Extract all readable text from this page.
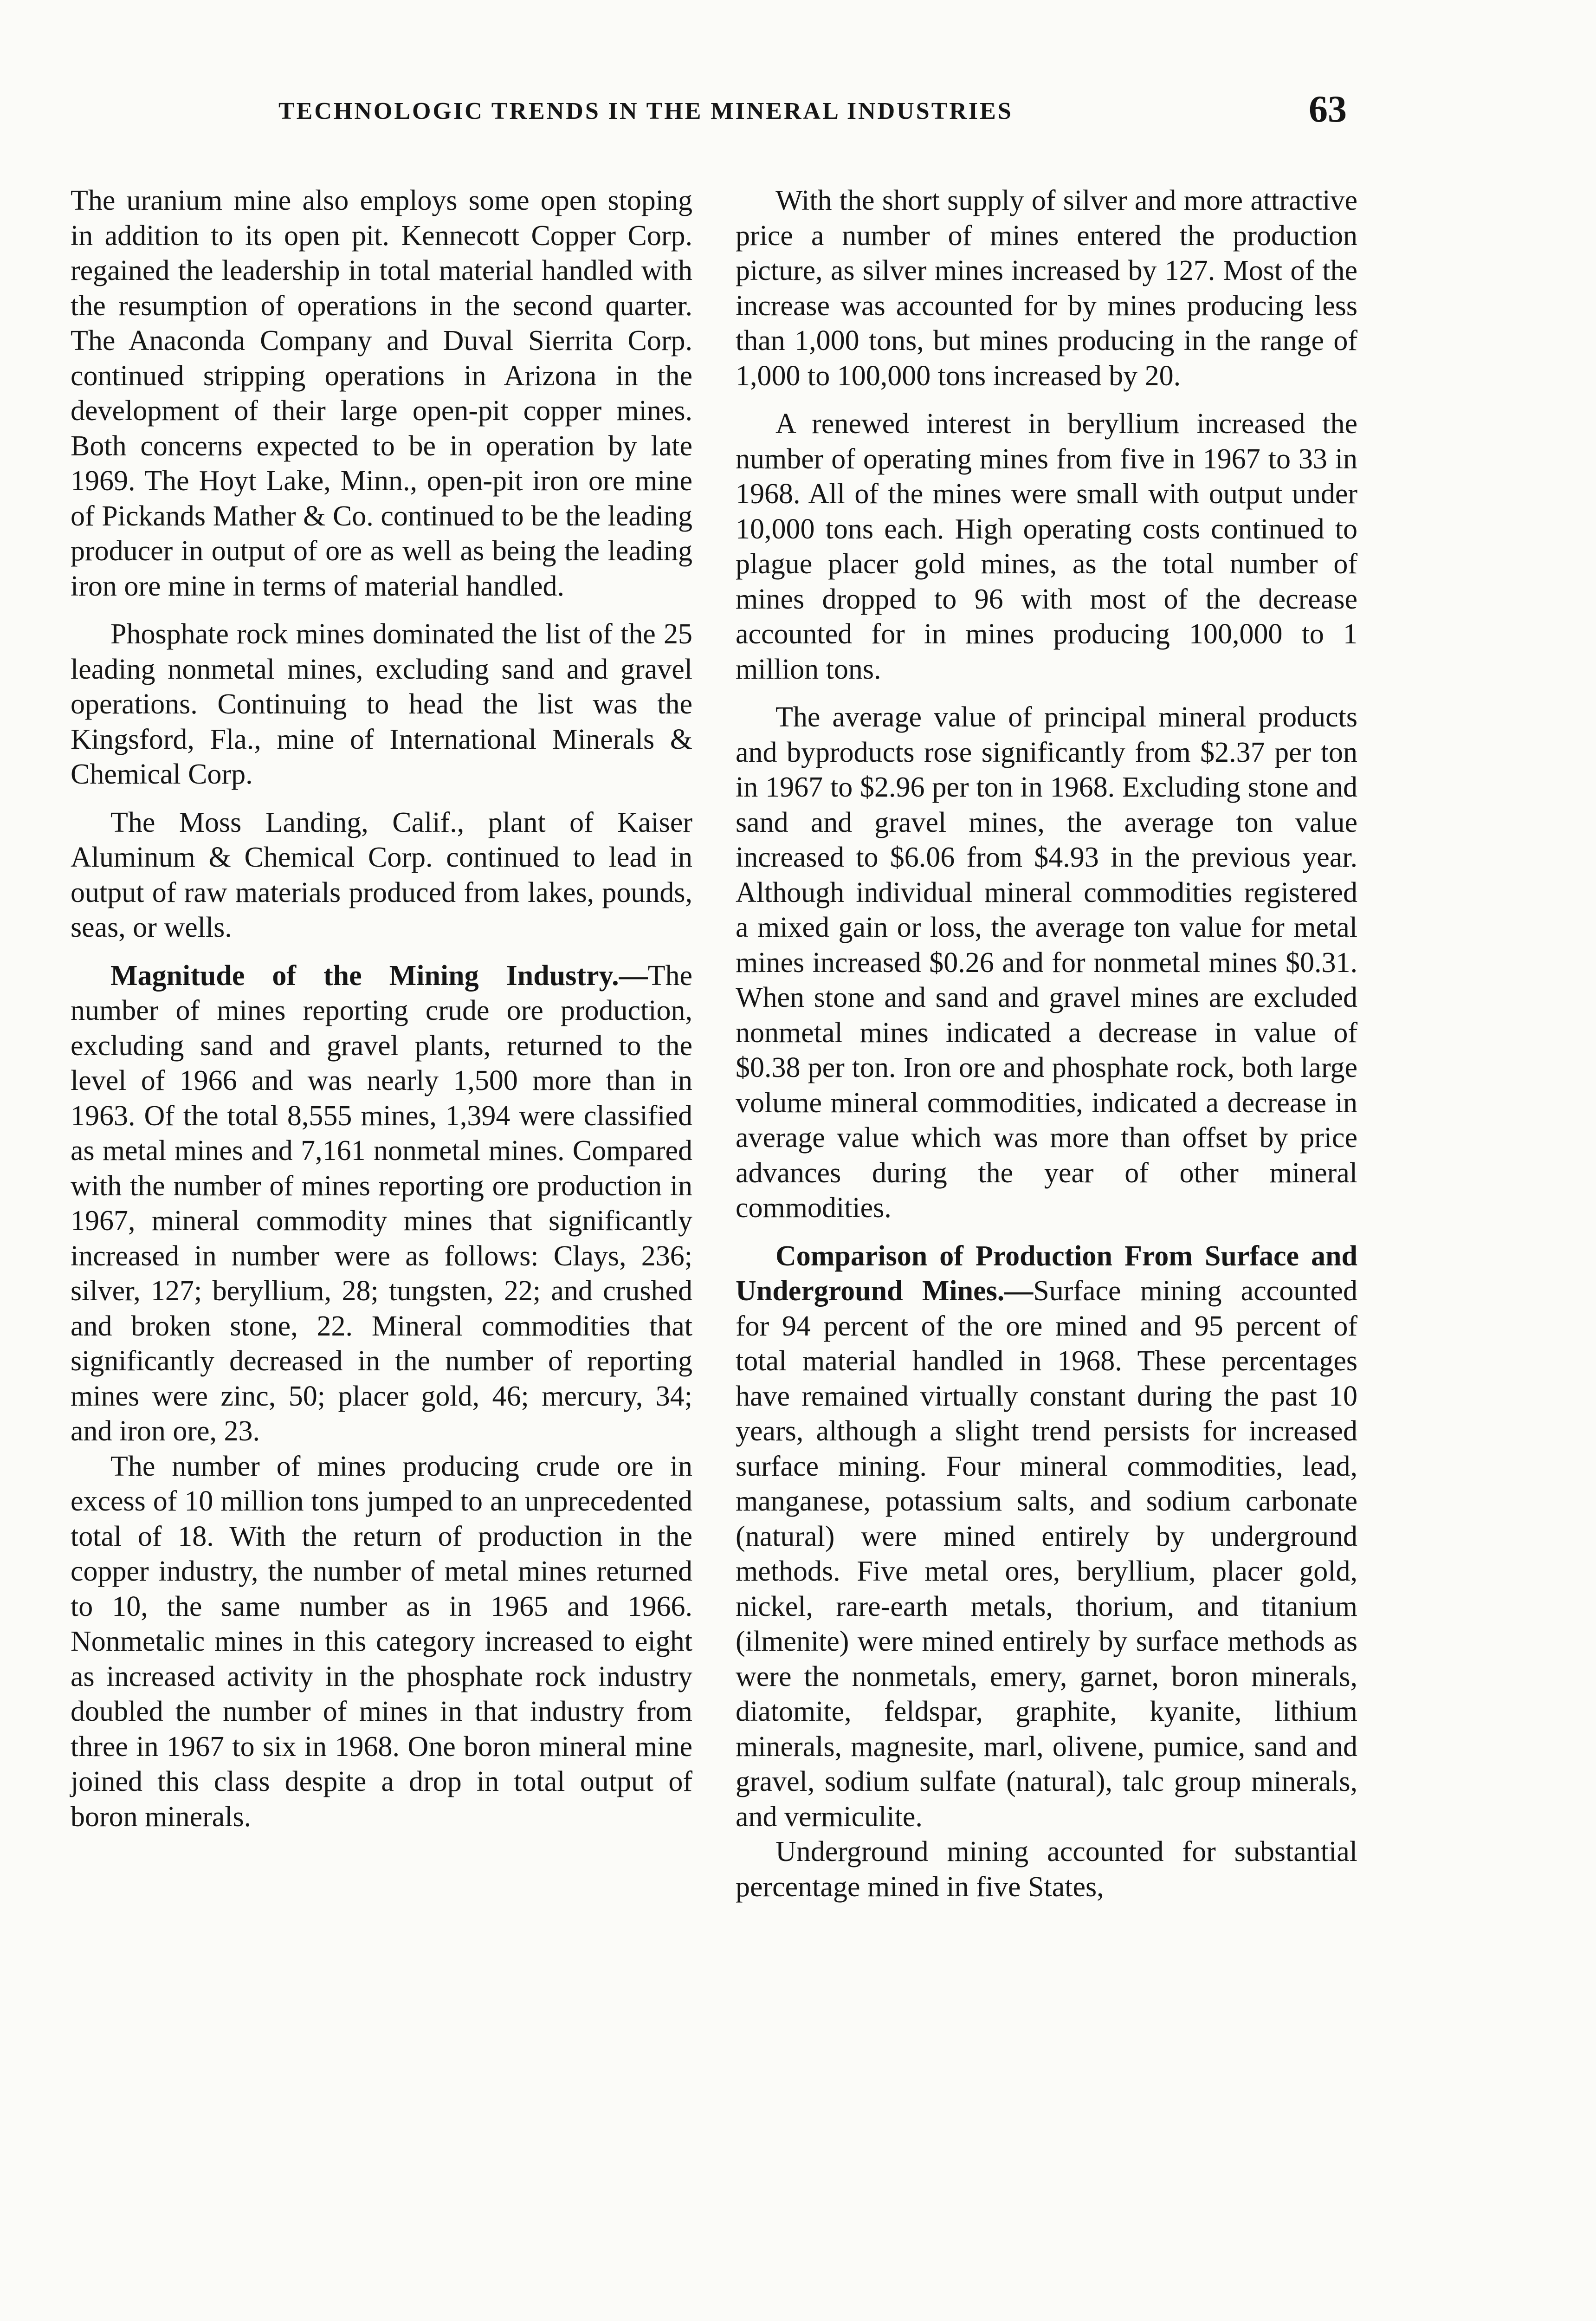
TECHNOLOGIC TRENDS IN THE MINERAL INDUSTRIES	63

The uranium mine also employs some open stoping in addition to its open pit. Kennecott Copper Corp. regained the leadership in total material handled with the resumption of operations in the second quarter. The Anaconda Company and Duval Sierrita Corp. continued stripping operations in Arizona in the development of their large open-pit copper mines. Both concerns expected to be in operation by late 1969. The Hoyt Lake, Minn., open-pit iron ore mine of Pickands Mather & Co. continued to be the leading producer in output of ore as well as being the leading iron ore mine in terms of material handled.

Phosphate rock mines dominated the list of the 25 leading nonmetal mines, excluding sand and gravel operations. Continuing to head the list was the Kingsford, Fla., mine of International Minerals & Chemical Corp.

The Moss Landing, Calif., plant of Kaiser Aluminum & Chemical Corp. continued to lead in output of raw materials produced from lakes, pounds, seas, or wells.

Magnitude of the Mining Industry.—The number of mines reporting crude ore production, excluding sand and gravel plants, returned to the level of 1966 and was nearly 1,500 more than in 1963. Of the total 8,555 mines, 1,394 were classified as metal mines and 7,161 nonmetal mines. Compared with the number of mines reporting ore production in 1967, mineral commodity mines that significantly increased in number were as follows: Clays, 236; silver, 127; beryllium, 28; tungsten, 22; and crushed and broken stone, 22. Mineral commodities that significantly decreased in the number of reporting mines were zinc, 50; placer gold, 46; mercury, 34; and iron ore, 23.

The number of mines producing crude ore in excess of 10 million tons jumped to an unprecedented total of 18. With the return of production in the copper industry, the number of metal mines returned to 10, the same number as in 1965 and 1966. Nonmetalic mines in this category increased to eight as increased activity in the phosphate rock industry doubled the number of mines in that industry from three in 1967 to six in 1968. One boron mineral mine joined this class despite a drop in total output of boron minerals.

With the short supply of silver and more attractive price a number of mines entered the production picture, as silver mines increased by 127. Most of the increase was accounted for by mines producing less than 1,000 tons, but mines producing in the range of 1,000 to 100,000 tons increased by 20.

A renewed interest in beryllium increased the number of operating mines from five in 1967 to 33 in 1968. All of the mines were small with output under 10,000 tons each. High operating costs continued to plague placer gold mines, as the total number of mines dropped to 96 with most of the decrease accounted for in mines producing 100,000 to 1 million tons.

The average value of principal mineral products and byproducts rose significantly from $2.37 per ton in 1967 to $2.96 per ton in 1968. Excluding stone and sand and gravel mines, the average ton value increased to $6.06 from $4.93 in the previous year. Although individual mineral commodities registered a mixed gain or loss, the average ton value for metal mines increased $0.26 and for nonmetal mines $0.31. When stone and sand and gravel mines are excluded nonmetal mines indicated a decrease in value of $0.38 per ton. Iron ore and phosphate rock, both large volume mineral commodities, indicated a decrease in average value which was more than offset by price advances during the year of other mineral commodities.

Comparison of Production From Surface and Underground Mines.—Surface mining accounted for 94 percent of the ore mined and 95 percent of total material handled in 1968. These percentages have remained virtually constant during the past 10 years, although a slight trend persists for increased surface mining. Four mineral commodities, lead, manganese, potassium salts, and sodium carbonate (natural) were mined entirely by underground methods. Five metal ores, beryllium, placer gold, nickel, rare-earth metals, thorium, and titanium (ilmenite) were mined entirely by surface methods as were the nonmetals, emery, garnet, boron minerals, diatomite, feldspar, graphite, kyanite, lithium minerals, magnesite, marl, olivene, pumice, sand and gravel, sodium sulfate (natural), talc group minerals, and vermiculite.

Underground mining accounted for substantial percentage mined in five States,
